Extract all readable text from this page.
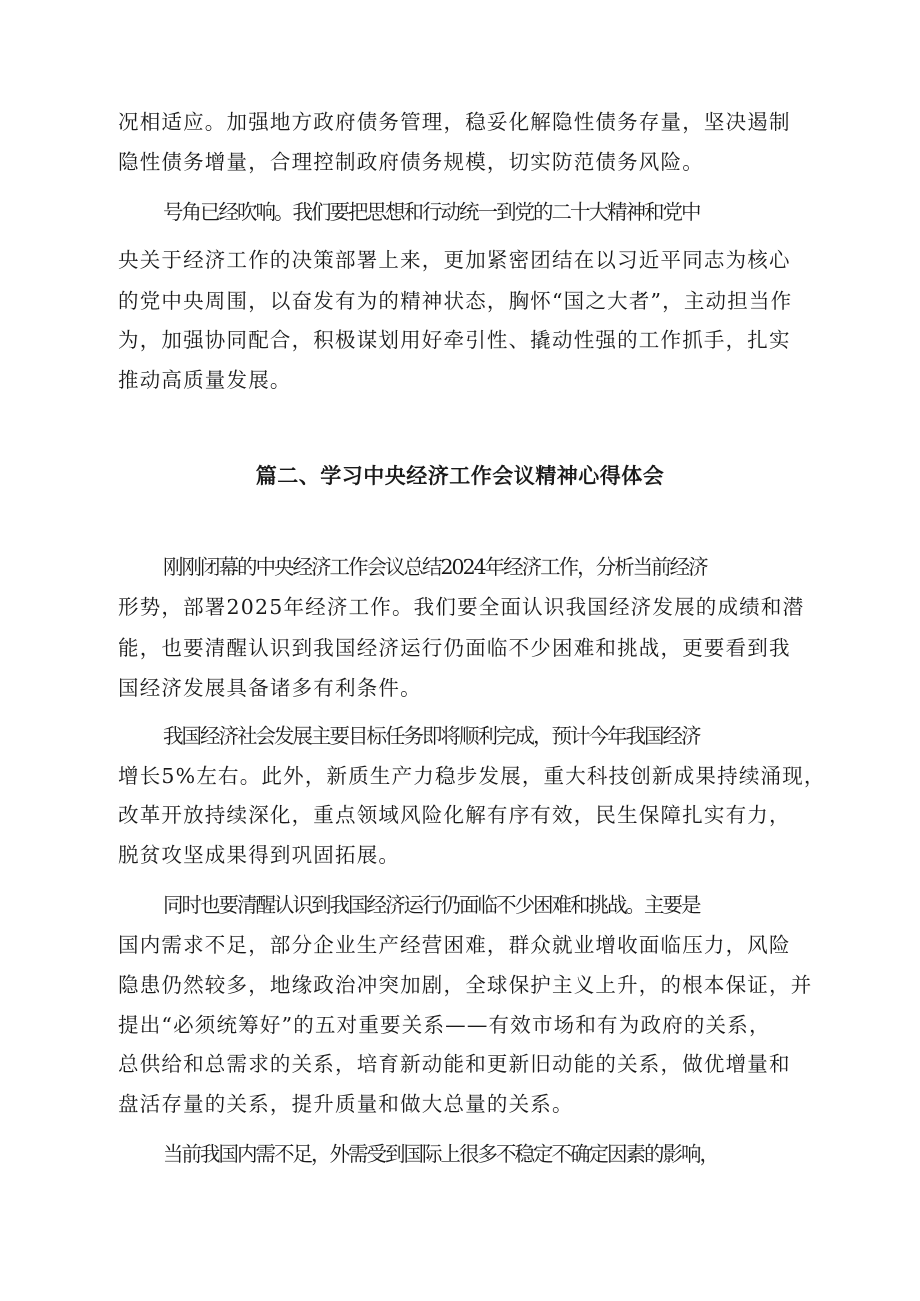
况相适应。加强地方政府债务管理，稳妥化解隐性债务存量，坚决遏制
隐性债务增量，合理控制政府债务规模，切实防范债务风险。
号角已经吹响。我们要把思想和行动统一到党的二十大精神和党中
央关于经济工作的决策部署上来，更加紧密团结在以习近平同志为核心
的党中央周围，以奋发有为的精神状态，胸怀“国之大者”，主动担当作
为，加强协同配合，积极谋划用好牵引性、撬动性强的工作抓手，扎实
推动高质量发展。
篇二、学习中央经济工作会议精神心得体会
刚刚闭幕的中央经济工作会议总结2024年经济工作，分析当前经济
形势，部署2025年经济工作。我们要全面认识我国经济发展的成绩和潜
能，也要清醒认识到我国经济运行仍面临不少困难和挑战，更要看到我
国经济发展具备诸多有利条件。
我国经济社会发展主要目标任务即将顺利完成，预计今年我国经济
增长5%左右。此外，新质生产力稳步发展，重大科技创新成果持续涌现，
改革开放持续深化，重点领域风险化解有序有效，民生保障扎实有力，
脱贫攻坚成果得到巩固拓展。
同时也要清醒认识到我国经济运行仍面临不少困难和挑战。主要是
国内需求不足，部分企业生产经营困难，群众就业增收面临压力，风险
隐患仍然较多，地缘政治冲突加剧，全球保护主义上升，的根本保证，并
提出“必须统筹好”的五对重要关系——有效市场和有为政府的关系，
总供给和总需求的关系，培育新动能和更新旧动能的关系，做优增量和
盘活存量的关系，提升质量和做大总量的关系。
当前我国内需不足，外需受到国际上很多不稳定不确定因素的影响，
